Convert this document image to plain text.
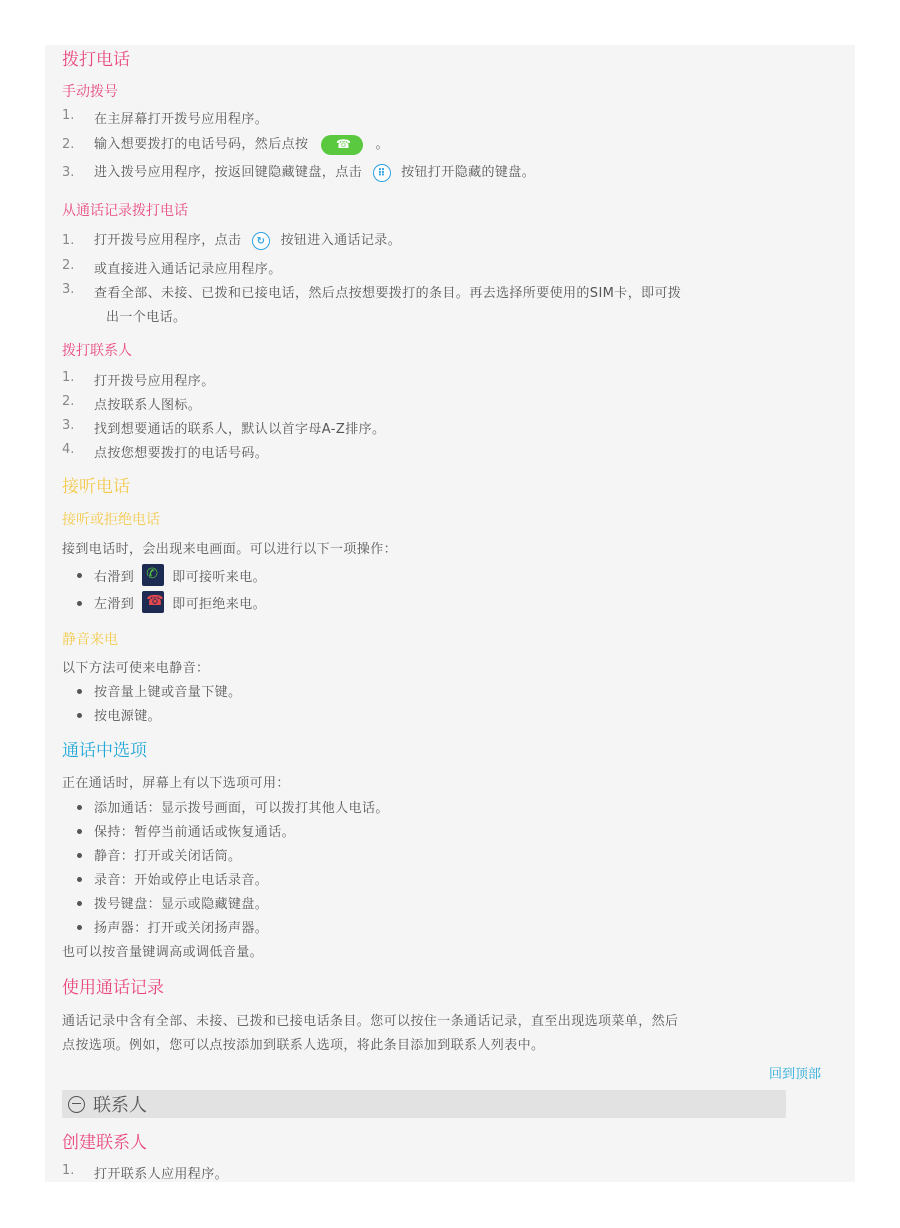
拨打电话
手动拨号
1. 在主屏幕打开拨号应用程序。
2. 输入想要拨打的电话号码，然后点按 ☎	。
3. 进入拨号应用程序，按返回键隐藏键盘，点击 ⠿ 按钮打开隐藏的键盘。
从通话记录拨打电话
1. 打开拨号应用程序，点击 ↻ 按钮进入通话记录。
2. 或直接进入通话记录应用程序。
3. 查看全部、未接、已拨和已接电话，然后点按想要拨打的条目。再去选择所要使用的SIM卡，即可拨
出一个电话。
拨打联系人
1. 打开拨号应用程序。
2. 点按联系人图标。
3. 找到想要通话的联系人，默认以首字母A-Z排序。
4. 点按您想要拨打的电话号码。
接听电话
接听或拒绝电话
接到电话时，会出现来电画面。可以进行以下一项操作：
右滑到 ✆ 即可接听来电。
左滑到 ☎ 即可拒绝来电。
静音来电
以下方法可使来电静音：
按音量上键或音量下键。
按电源键。
通话中选项
正在通话时，屏幕上有以下选项可用：
添加通话：显示拨号画面，可以拨打其他人电话。
保持：暂停当前通话或恢复通话。
静音：打开或关闭话筒。
录音：开始或停止电话录音。
拨号键盘：显示或隐藏键盘。
扬声器：打开或关闭扬声器。
也可以按音量键调高或调低音量。
使用通话记录
通话记录中含有全部、未接、已拨和已接电话条目。您可以按住一条通话记录，直至出现选项菜单，然后
点按选项。例如，您可以点按添加到联系人选项，将此条目添加到联系人列表中。
回到顶部
联系人
创建联系人
1. 打开联系人应用程序。
